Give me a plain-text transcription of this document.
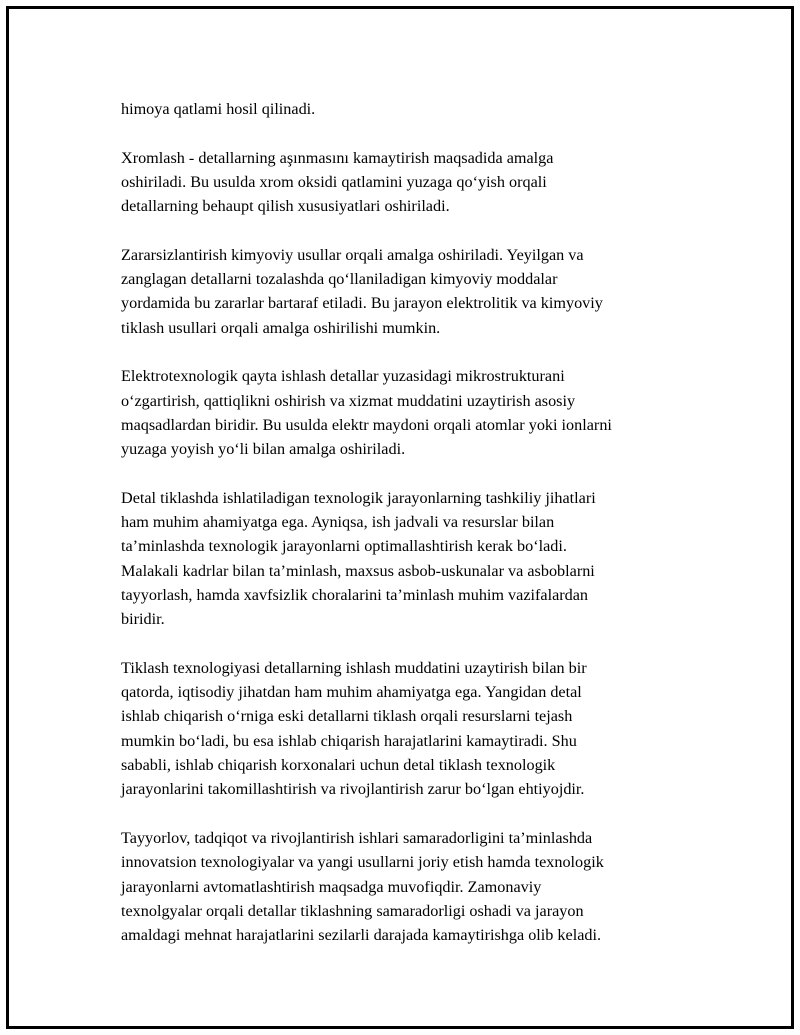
himoya qatlami hosil qilinadi.

Xromlash - detallarning aşınmasını kamaytirish maqsadida amalga
oshiriladi. Bu usulda xrom oksidi qatlamini yuzaga qo‘yish orqali
detallarning behaupt qilish xususiyatlari oshiriladi.

Zararsizlantirish kimyoviy usullar orqali amalga oshiriladi. Yeyilgan va
zanglagan detallarni tozalashda qo‘llaniladigan kimyoviy moddalar
yordamida bu zararlar bartaraf etiladi. Bu jarayon elektrolitik va kimyoviy
tiklash usullari orqali amalga oshirilishi mumkin.

Elektrotexnologik qayta ishlash detallar yuzasidagi mikrostrukturani
o‘zgartirish, qattiqlikni oshirish va xizmat muddatini uzaytirish asosiy
maqsadlardan biridir. Bu usulda elektr maydoni orqali atomlar yoki ionlarni
yuzaga yoyish yo‘li bilan amalga oshiriladi.

Detal tiklashda ishlatiladigan texnologik jarayonlarning tashkiliy jihatlari
ham muhim ahamiyatga ega. Ayniqsa, ish jadvali va resurslar bilan
ta’minlashda texnologik jarayonlarni optimallashtirish kerak bo‘ladi.
Malakali kadrlar bilan ta’minlash, maxsus asbob-uskunalar va asboblarni
tayyorlash, hamda xavfsizlik choralarini ta’minlash muhim vazifalardan
biridir.

Tiklash texnologiyasi detallarning ishlash muddatini uzaytirish bilan bir
qatorda, iqtisodiy jihatdan ham muhim ahamiyatga ega. Yangidan detal
ishlab chiqarish o‘rniga eski detallarni tiklash orqali resurslarni tejash
mumkin bo‘ladi, bu esa ishlab chiqarish harajatlarini kamaytiradi. Shu
sababli, ishlab chiqarish korxonalari uchun detal tiklash texnologik
jarayonlarini takomillashtirish va rivojlantirish zarur bo‘lgan ehtiyojdir.

Tayyorlov, tadqiqot va rivojlantirish ishlari samaradorligini ta’minlashda
innovatsion texnologiyalar va yangi usullarni joriy etish hamda texnologik
jarayonlarni avtomatlashtirish maqsadga muvofiqdir. Zamonaviy
texnolgyalar orqali detallar tiklashning samaradorligi oshadi va jarayon
amaldagi mehnat harajatlarini sezilarli darajada kamaytirishga olib keladi.
